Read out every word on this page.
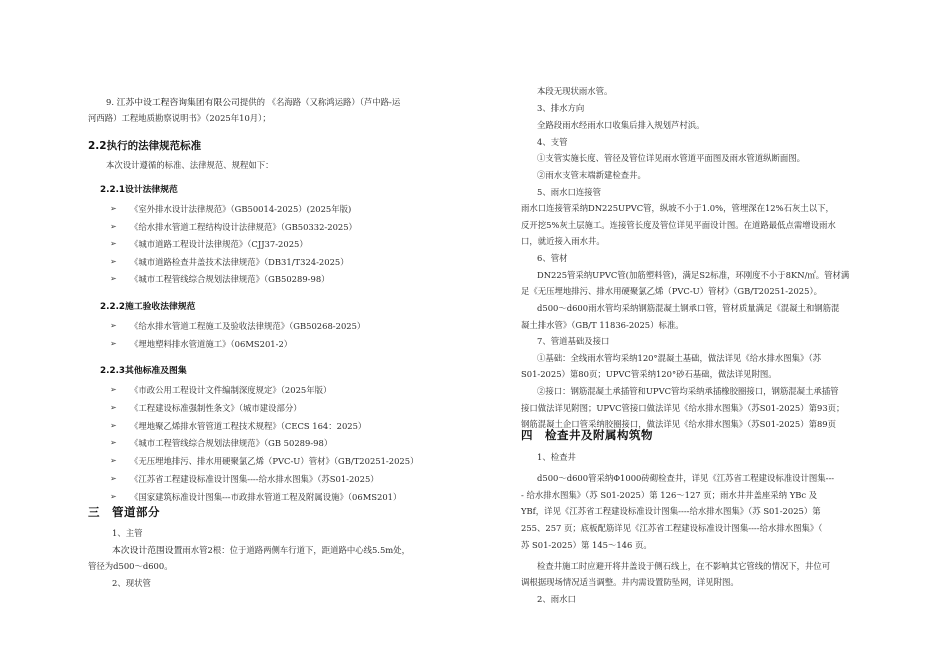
9. 江苏中设工程咨询集团有限公司提供的 《名海路（又称鸿运路）（芦中路-运
河西路）工程地质勘察说明书》（2025年10月）；
2.2执行的法律规范标准
本次设计遵循的标准、法律规范、规程如下：
2.2.1设计法律规范
➢ 《室外排水设计法律规范》（GB50014-2025）(2025年版)
➢ 《给水排水管道工程结构设计法律规范》（GB50332-2025）
➢ 《城市道路工程设计法律规范》（CJJ37-2025）
➢ 《城市道路检查井盖技术法律规范》（DB31/T324-2025）
➢ 《城市工程管线综合规划法律规范》（GB50289-98）
2.2.2施工验收法律规范
➢ 《给水排水管道工程施工及验收法律规范》（GB50268-2025）
➢ 《埋地塑料排水管道施工》（06MS201-2）
2.2.3其他标准及图集
➢ 《市政公用工程设计文件编制深度规定》（2025年版）
➢ 《工程建设标准强制性条文》（城市建设部分）
➢ 《埋地聚乙烯排水管管道工程技术规程》（CECS 164：2025）
➢ 《城市工程管线综合规划法律规范》（GB 50289-98）
➢ 《无压埋地排污、排水用硬聚氯乙烯（PVC-U）管材》（GB/T20251-2025）
➢ 《江苏省工程建设标准设计图集----给水排水图集》（苏S01-2025）
➢ 《国家建筑标准设计图集---市政排水管道工程及附属设施》（06MS201）
三　管道部分
1、主管
本次设计范围设置雨水管2根：位于道路两侧车行道下，距道路中心线5.5m处，
管径为d500～d600。
2、现状管
本段无现状雨水管。
3、排水方向
全路段雨水经雨水口收集后排入规划芦村浜。
4、支管
①支管实施长度、管径及管位详见雨水管道平面图及雨水管道纵断面图。
②雨水支管末端新建检查井。
5、雨水口连接管
雨水口连接管采纳DN225UPVC管，纵坡不小于1.0%，管埋深在12%石灰土以下，
反开挖5%灰土层施工。连接管长度及管位详见平面设计图。在道路最低点需增设雨水
口，就近接入雨水井。
6、管材
DN225管采纳UPVC管(加筋塑料管)，满足S2标准，环刚度不小于8KN/㎡。管材满
足《无压埋地排污、排水用硬聚氯乙烯（PVC-U）管材》（GB/T20251-2025）。
d500～d600雨水管均采纳钢筋混凝土钢承口管，管材质量满足《混凝土和钢筋混
凝土排水管》（GB/T 11836-2025）标准。
7、管道基础及接口
①基础：全线雨水管均采纳120°混凝土基础，做法详见《给水排水图集》（苏
S01-2025）第80页；UPVC管采纳120°砂石基础，做法详见附图。
②接口：钢筋混凝土承插管和UPVC管均采纳承插橡胶圈接口，钢筋混凝土承插管
接口做法详见附图；UPVC管接口做法详见《给水排水图集》（苏S01-2025）第93页；
钢筋混凝土企口管采纳胶圈接口，做法详见《给水排水图集》（苏S01-2025）第89页
四　检查井及附属构筑物
1、检查井
d500～d600管采纳Φ1000砖砌检查井，详见《江苏省工程建设标准设计图集---
- 给水排水图集》（苏 S01-2025）第 126～127 页；雨水井井盖座采纳 YBc 及
YBf，详见《江苏省工程建设标准设计图集----给水排水图集》（苏 S01-2025）第
255、257 页；底板配筋详见《江苏省工程建设标准设计图集----给水排水图集》（
苏 S01-2025）第 145～146 页。
检查井施工时应避开将井盖设于侧石线上，在不影响其它管线的情况下，井位可
调根据现场情况适当调整。井内需设置防坠网，详见附图。
2、雨水口
